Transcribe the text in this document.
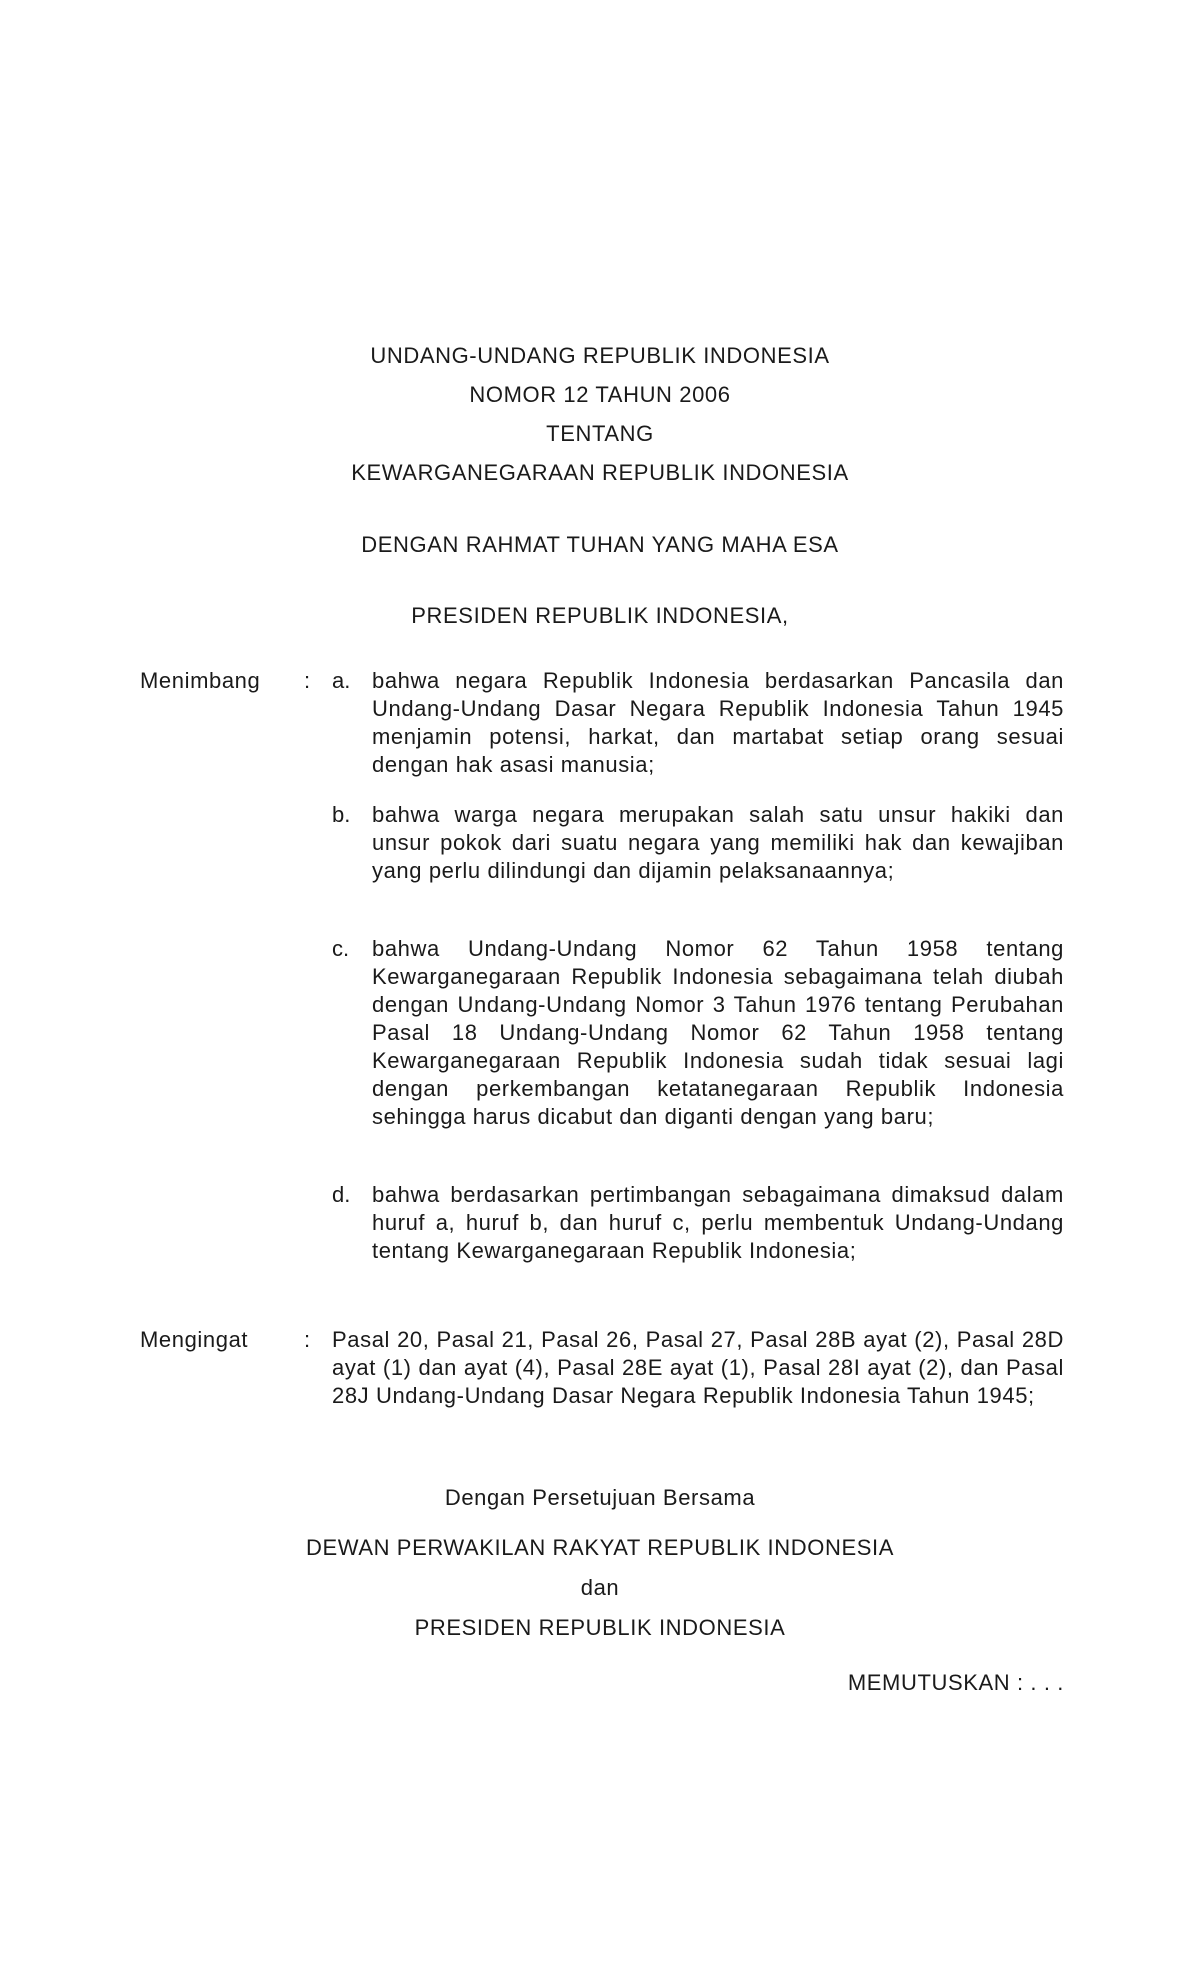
UNDANG-UNDANG REPUBLIK INDONESIA
NOMOR 12 TAHUN 2006
TENTANG
KEWARGANEGARAAN REPUBLIK INDONESIA
DENGAN RAHMAT TUHAN YANG MAHA ESA
PRESIDEN REPUBLIK INDONESIA,
Menimbang : a. bahwa negara Republik Indonesia berdasarkan Pancasila dan Undang-Undang Dasar Negara Republik Indonesia Tahun 1945 menjamin potensi, harkat, dan martabat setiap orang sesuai dengan hak asasi manusia;
b. bahwa warga negara merupakan salah satu unsur hakiki dan unsur pokok dari suatu negara yang memiliki hak dan kewajiban yang perlu dilindungi dan dijamin pelaksanaannya;
c. bahwa Undang-Undang Nomor 62 Tahun 1958 tentang Kewarganegaraan Republik Indonesia sebagaimana telah diubah dengan Undang-Undang Nomor 3 Tahun 1976 tentang Perubahan Pasal 18 Undang-Undang Nomor 62 Tahun 1958 tentang Kewarganegaraan Republik Indonesia sudah tidak sesuai lagi dengan perkembangan ketatanegaraan Republik Indonesia sehingga harus dicabut dan diganti dengan yang baru;
d. bahwa berdasarkan pertimbangan sebagaimana dimaksud dalam huruf a, huruf b, dan huruf c, perlu membentuk Undang-Undang tentang Kewarganegaraan Republik Indonesia;
Mengingat	: Pasal 20, Pasal 21, Pasal 26, Pasal 27, Pasal 28B ayat (2), Pasal 28D ayat (1) dan ayat (4), Pasal 28E ayat (1), Pasal 28I ayat (2), dan Pasal 28J Undang-Undang Dasar Negara Republik Indonesia Tahun 1945;
Dengan Persetujuan Bersama
DEWAN PERWAKILAN RAKYAT REPUBLIK INDONESIA
dan
PRESIDEN REPUBLIK INDONESIA
MEMUTUSKAN : . . .
